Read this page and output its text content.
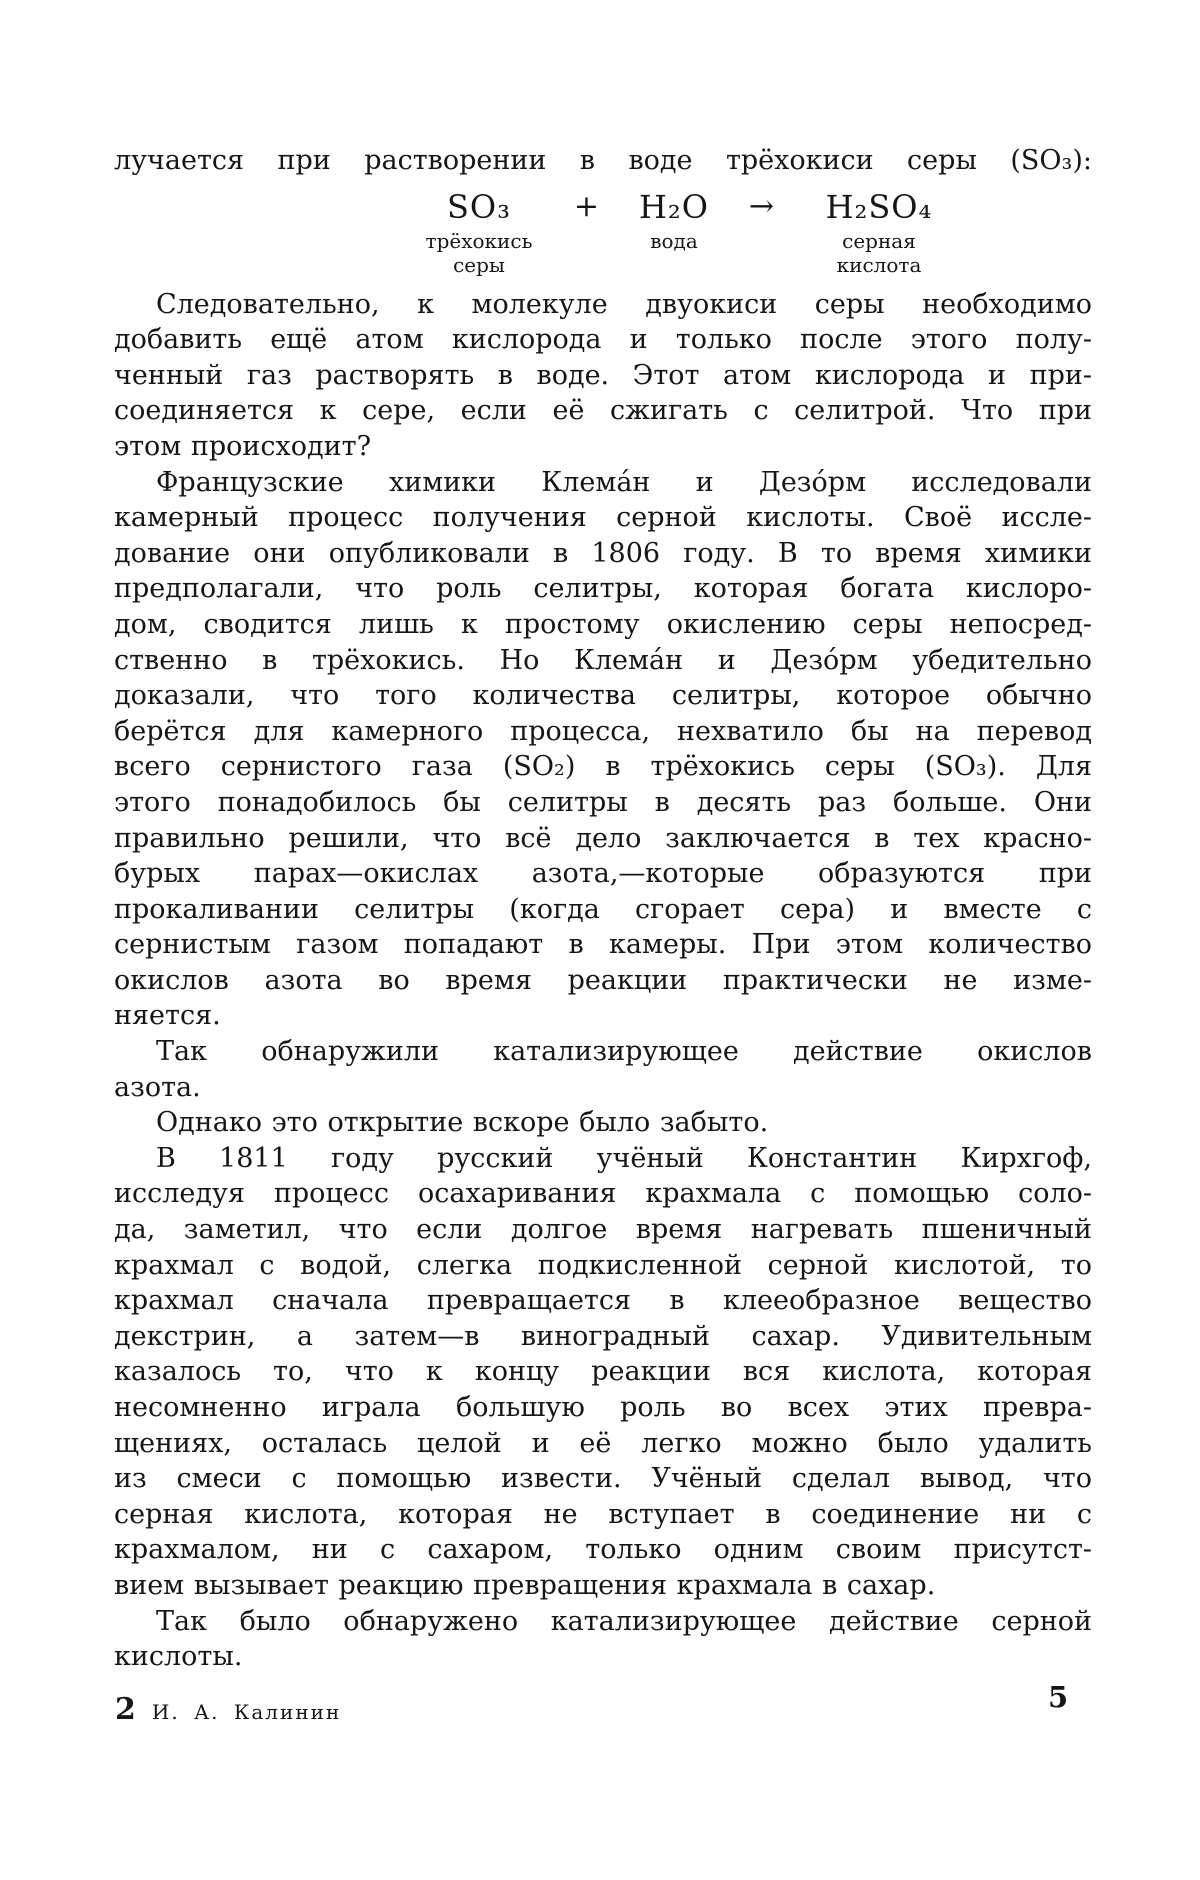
лучается при растворении в воде трёхокиси серы (SO₃):
SO₃
трёхокись
серы
+	H₂O
вода
→	H₂SO₄
серная
кислота
Следовательно, к молекуле двуокиси серы необходимо
добавить ещё атом кислорода и только после этого полу-
ченный газ растворять в воде. Этот атом кислорода и при-
соединяется к сере, если её сжигать с селитрой. Что при
этом происходит?
Французские химики Клема́н и Дезо́рм исследовали
камерный процесс получения серной кислоты. Своё иссле-
дование они опубликовали в 1806 году. В то время химики
предполагали, что роль селитры, которая богата кислоро-
дом, сводится лишь к простому окислению серы непосред-
ственно в трёхокись. Но Клема́н и Дезо́рм убедительно
доказали, что того количества селитры, которое обычно
берётся для камерного процесса, нехватило бы на перевод
всего сернистого газа (SO₂) в трёхокись серы (SO₃). Для
этого понадобилось бы селитры в десять раз больше. Они
правильно решили, что всё дело заключается в тех красно-
бурых парах—окислах азота,—которые образуются при
прокаливании селитры (когда сгорает сера) и вместе с
сернистым газом попадают в камеры. При этом количество
окислов азота во время реакции практически не изме-
няется.
Так обнаружили катализирующее действие окислов
азота.
Однако это открытие вскоре было забыто.
В 1811 году русский учёный Константин Кирхгоф,
исследуя процесс осахаривания крахмала с помощью соло-
да, заметил, что если долгое время нагревать пшеничный
крахмал с водой, слегка подкисленной серной кислотой, то
крахмал сначала превращается в клееобразное вещество
декстрин, а затем—в виноградный сахар. Удивительным
казалось то, что к концу реакции вся кислота, которая
несомненно играла большую роль во всех этих превра-
щениях, осталась целой и её легко можно было удалить
из смеси с помощью извести. Учёный сделал вывод, что
серная кислота, которая не вступает в соединение ни с
крахмалом, ни с сахаром, только одним своим присутст-
вием вызывает реакцию превращения крахмала в сахар.
Так было обнаружено катализирующее действие серной
кислоты.
2 И. А. Калинин	5
